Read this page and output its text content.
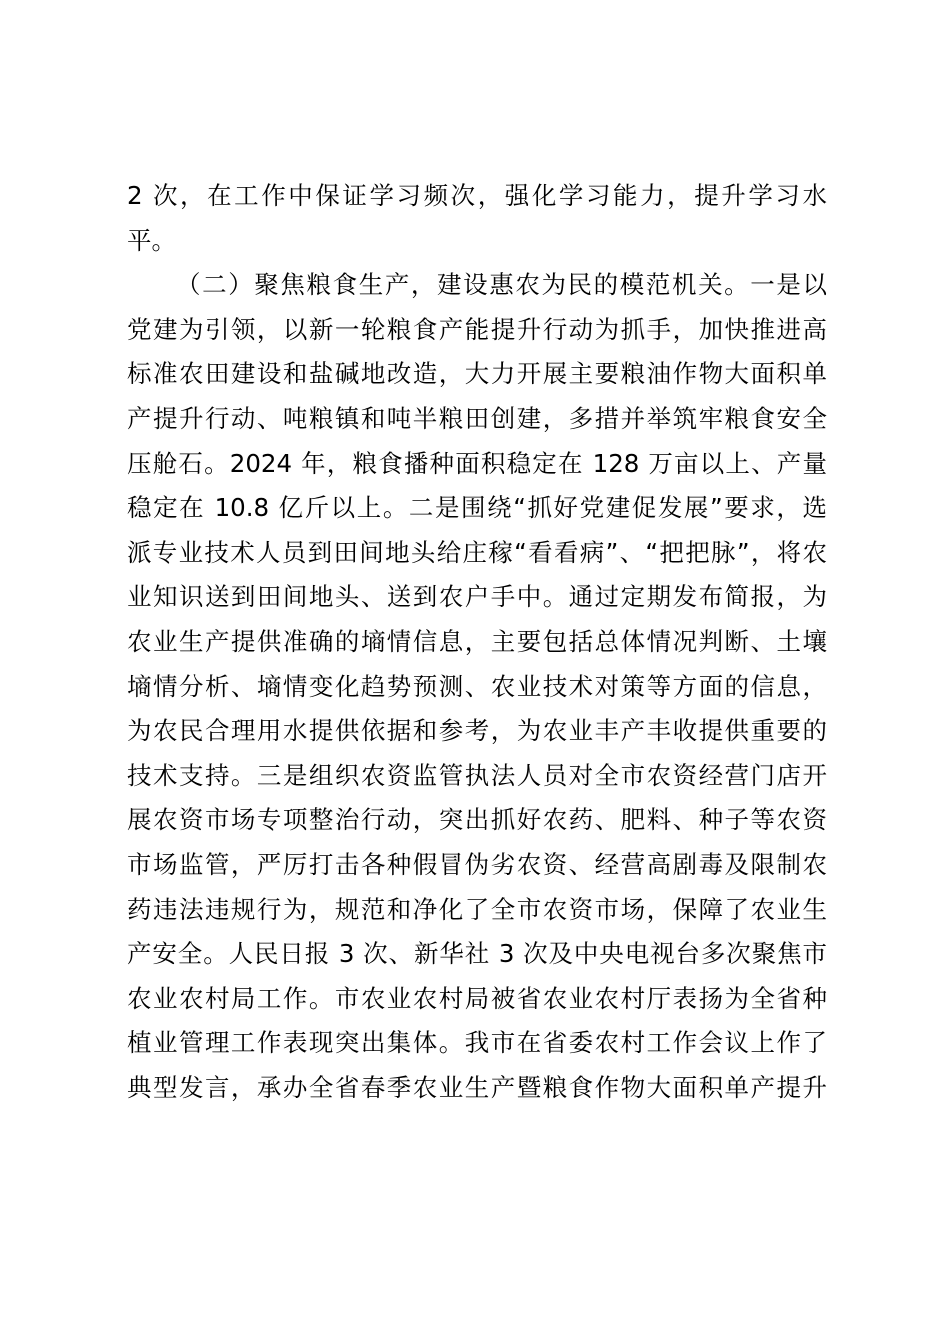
2 次，在工作中保证学习频次，强化学习能力，提升学习水
平。
（二）聚焦粮食生产，建设惠农为民的模范机关。一是以
党建为引领，以新一轮粮食产能提升行动为抓手，加快推进高
标准农田建设和盐碱地改造，大力开展主要粮油作物大面积单
产提升行动、吨粮镇和吨半粮田创建，多措并举筑牢粮食安全
压舱石。2024 年，粮食播种面积稳定在 128 万亩以上、产量
稳定在 10.8 亿斤以上。二是围绕“抓好党建促发展”要求，选
派专业技术人员到田间地头给庄稼“看看病”、“把把脉”，将农
业知识送到田间地头、送到农户手中。通过定期发布简报，为
农业生产提供准确的墒情信息，主要包括总体情况判断、土壤
墒情分析、墒情变化趋势预测、农业技术对策等方面的信息，
为农民合理用水提供依据和参考，为农业丰产丰收提供重要的
技术支持。三是组织农资监管执法人员对全市农资经营门店开
展农资市场专项整治行动，突出抓好农药、肥料、种子等农资
市场监管，严厉打击各种假冒伪劣农资、经营高剧毒及限制农
药违法违规行为，规范和净化了全市农资市场，保障了农业生
产安全。人民日报 3 次、新华社 3 次及中央电视台多次聚焦市
农业农村局工作。市农业农村局被省农业农村厅表扬为全省种
植业管理工作表现突出集体。我市在省委农村工作会议上作了
典型发言，承办全省春季农业生产暨粮食作物大面积单产提升
